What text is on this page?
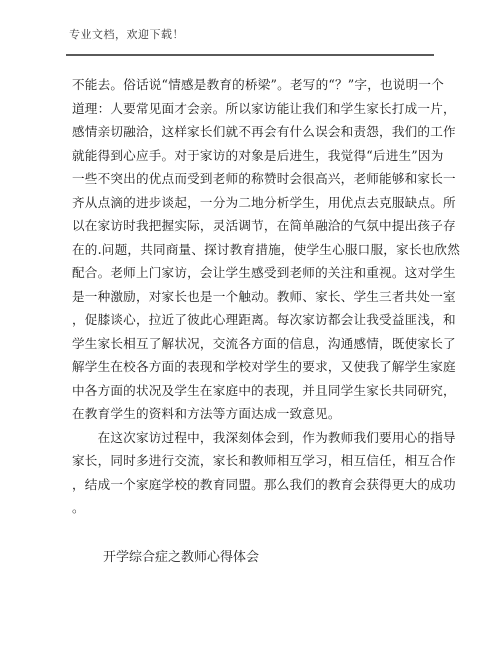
专业文档，欢迎下载！
不能去。俗话说“情感是教育的桥梁”。老写的“？”字，也说明一个
道理：人要常见面才会亲。所以家访能让我们和学生家长打成一片，
感情亲切融洽，这样家长们就不再会有什么误会和责怨，我们的工作
就能得到心应手。对于家访的对象是后进生，我觉得“后进生”因为
一些不突出的优点而受到老师的称赞时会很高兴，老师能够和家长一
齐从点滴的进步谈起，一分为二地分析学生，用优点去克服缺点。所
以在家访时我把握实际，灵活调节，在简单融洽的气氛中提出孩子存
在的.问题，共同商量、探讨教育措施，使学生心服口服，家长也欣然
配合。老师上门家访，会让学生感受到老师的关注和重视。这对学生
是一种激励，对家长也是一个触动。教师、家长、学生三者共处一室
，促膝谈心，拉近了彼此心理距离。每次家访都会让我受益匪浅，和
学生家长相互了解状况，交流各方面的信息，沟通感情，既使家长了
解学生在校各方面的表现和学校对学生的要求，又使我了解学生家庭
中各方面的状况及学生在家庭中的表现，并且同学生家长共同研究，
在教育学生的资料和方法等方面达成一致意见。
　　在这次家访过程中，我深刻体会到，作为教师我们要用心的指导
家长，同时多进行交流，家长和教师相互学习，相互信任，相互合作
，结成一个家庭学校的教育同盟。那么我们的教育会获得更大的成功
。
开学综合症之教师心得体会
